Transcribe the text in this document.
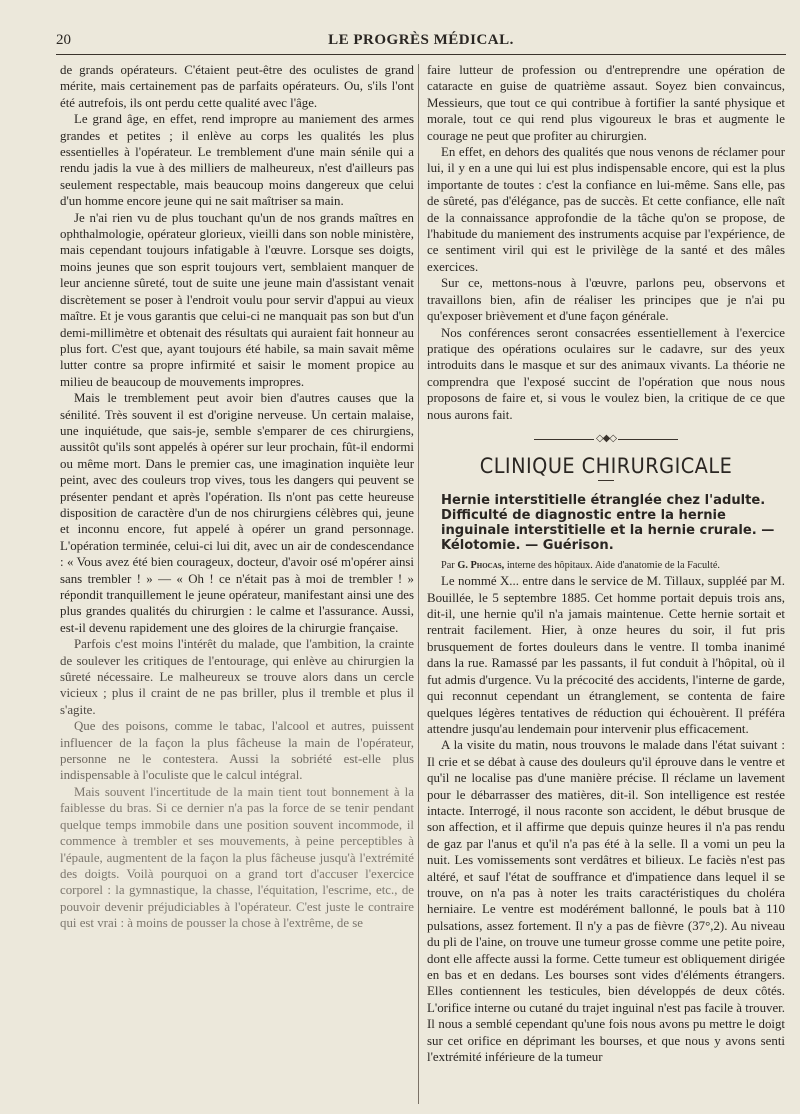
20	LE PROGRÈS MÉDICAL.

de grands opérateurs. C'étaient peut-être des oculistes de grand mérite, mais certainement pas de parfaits opérateurs. Ou, s'ils l'ont été autrefois, ils ont perdu cette qualité avec l'âge.

Le grand âge, en effet, rend impropre au maniement des armes grandes et petites ; il enlève au corps les qualités les plus essentielles à l'opérateur. Le tremblement d'une main sénile qui a rendu jadis la vue à des milliers de malheureux, n'est d'ailleurs pas seulement respectable, mais beaucoup moins dangereux que celui d'un homme encore jeune qui ne sait maîtriser sa main.

Je n'ai rien vu de plus touchant qu'un de nos grands maîtres en ophthalmologie, opérateur glorieux, vieilli dans son noble ministère, mais cependant toujours infatigable à l'œuvre. Lorsque ses doigts, moins jeunes que son esprit toujours vert, semblaient manquer de leur ancienne sûreté, tout de suite une jeune main d'assistant venait discrètement se poser à l'endroit voulu pour servir d'appui au vieux maître. Et je vous garantis que celui-ci ne manquait pas son but d'un demi-millimètre et obtenait des résultats qui auraient fait honneur au plus fort. C'est que, ayant toujours été habile, sa main savait même lutter contre sa propre infirmité et saisir le moment propice au milieu de beaucoup de mouvements impropres.

Mais le tremblement peut avoir bien d'autres causes que la sénilité. Très souvent il est d'origine nerveuse. Un certain malaise, une inquiétude, que sais-je, semble s'emparer de ces chirurgiens, aussitôt qu'ils sont appelés à opérer sur leur prochain, fût-il endormi ou même mort. Dans le premier cas, une imagination inquiète leur peint, avec des couleurs trop vives, tous les dangers qui peuvent se présenter pendant et après l'opération. Ils n'ont pas cette heureuse disposition de caractère d'un de nos chirurgiens célèbres qui, jeune et inconnu encore, fut appelé à opérer un grand personnage. L'opération terminée, celui-ci lui dit, avec un air de condescendance : « Vous avez été bien courageux, docteur, d'avoir osé m'opérer ainsi sans trembler ! » — « Oh ! ce n'était pas à moi de trembler ! » répondit tranquillement le jeune opérateur, manifestant ainsi une des plus grandes qualités du chirurgien : le calme et l'assurance. Aussi, est-il devenu rapidement une des gloires de la chirurgie française.

Parfois c'est moins l'intérêt du malade, que l'ambition, la crainte de soulever les critiques de l'entourage, qui enlève au chirurgien la sûreté nécessaire. Le malheureux se trouve alors dans un cercle vicieux ; plus il craint de ne pas briller, plus il tremble et plus il s'agite.

Que des poisons, comme le tabac, l'alcool et autres, puissent influencer de la façon la plus fâcheuse la main de l'opérateur, personne ne le contestera. Aussi la sobriété est-elle plus indispensable à l'oculiste que le calcul intégral.

Mais souvent l'incertitude de la main tient tout bonnement à la faiblesse du bras. Si ce dernier n'a pas la force de se tenir pendant quelque temps immobile dans une position souvent incommode, il commence à trembler et ses mouvements, à peine perceptibles à l'épaule, augmentent de la façon la plus fâcheuse jusqu'à l'extrémité des doigts. Voilà pourquoi on a grand tort d'accuser l'exercice corporel : la gymnastique, la chasse, l'équitation, l'escrime, etc., de pouvoir devenir préjudiciables à l'opérateur. C'est juste le contraire qui est vrai : à moins de pousser la chose à l'extrême, de se

faire lutteur de profession ou d'entreprendre une opération de cataracte en guise de quatrième assaut. Soyez bien convaincus, Messieurs, que tout ce qui contribue à fortifier la santé physique et morale, tout ce qui rend plus vigoureux le bras et augmente le courage ne peut que profiter au chirurgien.

En effet, en dehors des qualités que nous venons de réclamer pour lui, il y en a une qui lui est plus indispensable encore, qui est la plus importante de toutes : c'est la confiance en lui-même. Sans elle, pas de sûreté, pas d'élégance, pas de succès. Et cette confiance, elle naît de la connaissance approfondie de la tâche qu'on se propose, de l'habitude du maniement des instruments acquise par l'expérience, de ce sentiment viril qui est le privilège de la santé et des mâles exercices.

Sur ce, mettons-nous à l'œuvre, parlons peu, observons et travaillons bien, afin de réaliser les principes que je n'ai pu qu'exposer brièvement et d'une façon générale.

Nos conférences seront consacrées essentiellement à l'exercice pratique des opérations oculaires sur le cadavre, sur des yeux introduits dans le masque et sur des animaux vivants. La théorie ne comprendra que l'exposé succint de l'opération que nous nous proposons de faire et, si vous le voulez bien, la critique de ce que nous aurons fait.

◇◆◇
CLINIQUE CHIRURGICALE
Hernie interstitielle étranglée chez l'adulte. Difficulté de diagnostic entre la hernie inguinale interstitielle et la hernie crurale. — Kélotomie. — Guérison.

Par G. Phocas, interne des hôpitaux. Aide d'anatomie de la Faculté.

Le nommé X... entre dans le service de M. Tillaux, suppléé par M. Bouillée, le 5 septembre 1885. Cet homme portait depuis trois ans, dit-il, une hernie qu'il n'a jamais maintenue. Cette hernie sortait et rentrait facilement. Hier, à onze heures du soir, il fut pris brusquement de fortes douleurs dans le ventre. Il tomba inanimé dans la rue. Ramassé par les passants, il fut conduit à l'hôpital, où il fut admis d'urgence. Vu la précocité des accidents, l'interne de garde, qui reconnut cependant un étranglement, se contenta de faire quelques légères tentatives de réduction qui échouèrent. Il préféra attendre jusqu'au lendemain pour intervenir plus efficacement.

A la visite du matin, nous trouvons le malade dans l'état suivant : Il crie et se débat à cause des douleurs qu'il éprouve dans le ventre et qu'il ne localise pas d'une manière précise. Il réclame un lavement pour le débarrasser des matières, dit-il. Son intelligence est restée intacte. Interrogé, il nous raconte son accident, le début brusque de son affection, et il affirme que depuis quinze heures il n'a pas rendu de gaz par l'anus et qu'il n'a pas été à la selle. Il a vomi un peu la nuit. Les vomissements sont verdâtres et bilieux. Le faciès n'est pas altéré, et sauf l'état de souffrance et d'impatience dans lequel il se trouve, on n'a pas à noter les traits caractéristiques du choléra herniaire. Le ventre est modérément ballonné, le pouls bat à 110 pulsations, assez fortement. Il n'y a pas de fièvre (37°,2). Au niveau du pli de l'aine, on trouve une tumeur grosse comme une petite poire, dont elle affecte aussi la forme. Cette tumeur est obliquement dirigée en bas et en dedans. Les bourses sont vides d'éléments étrangers. Elles contiennent les testicules, bien développés de deux côtés. L'orifice interne ou cutané du trajet inguinal n'est pas facile à trouver. Il nous a semblé cependant qu'une fois nous avons pu mettre le doigt sur cet orifice en déprimant les bourses, et que nous y avons senti l'extrémité inférieure de la tumeur
